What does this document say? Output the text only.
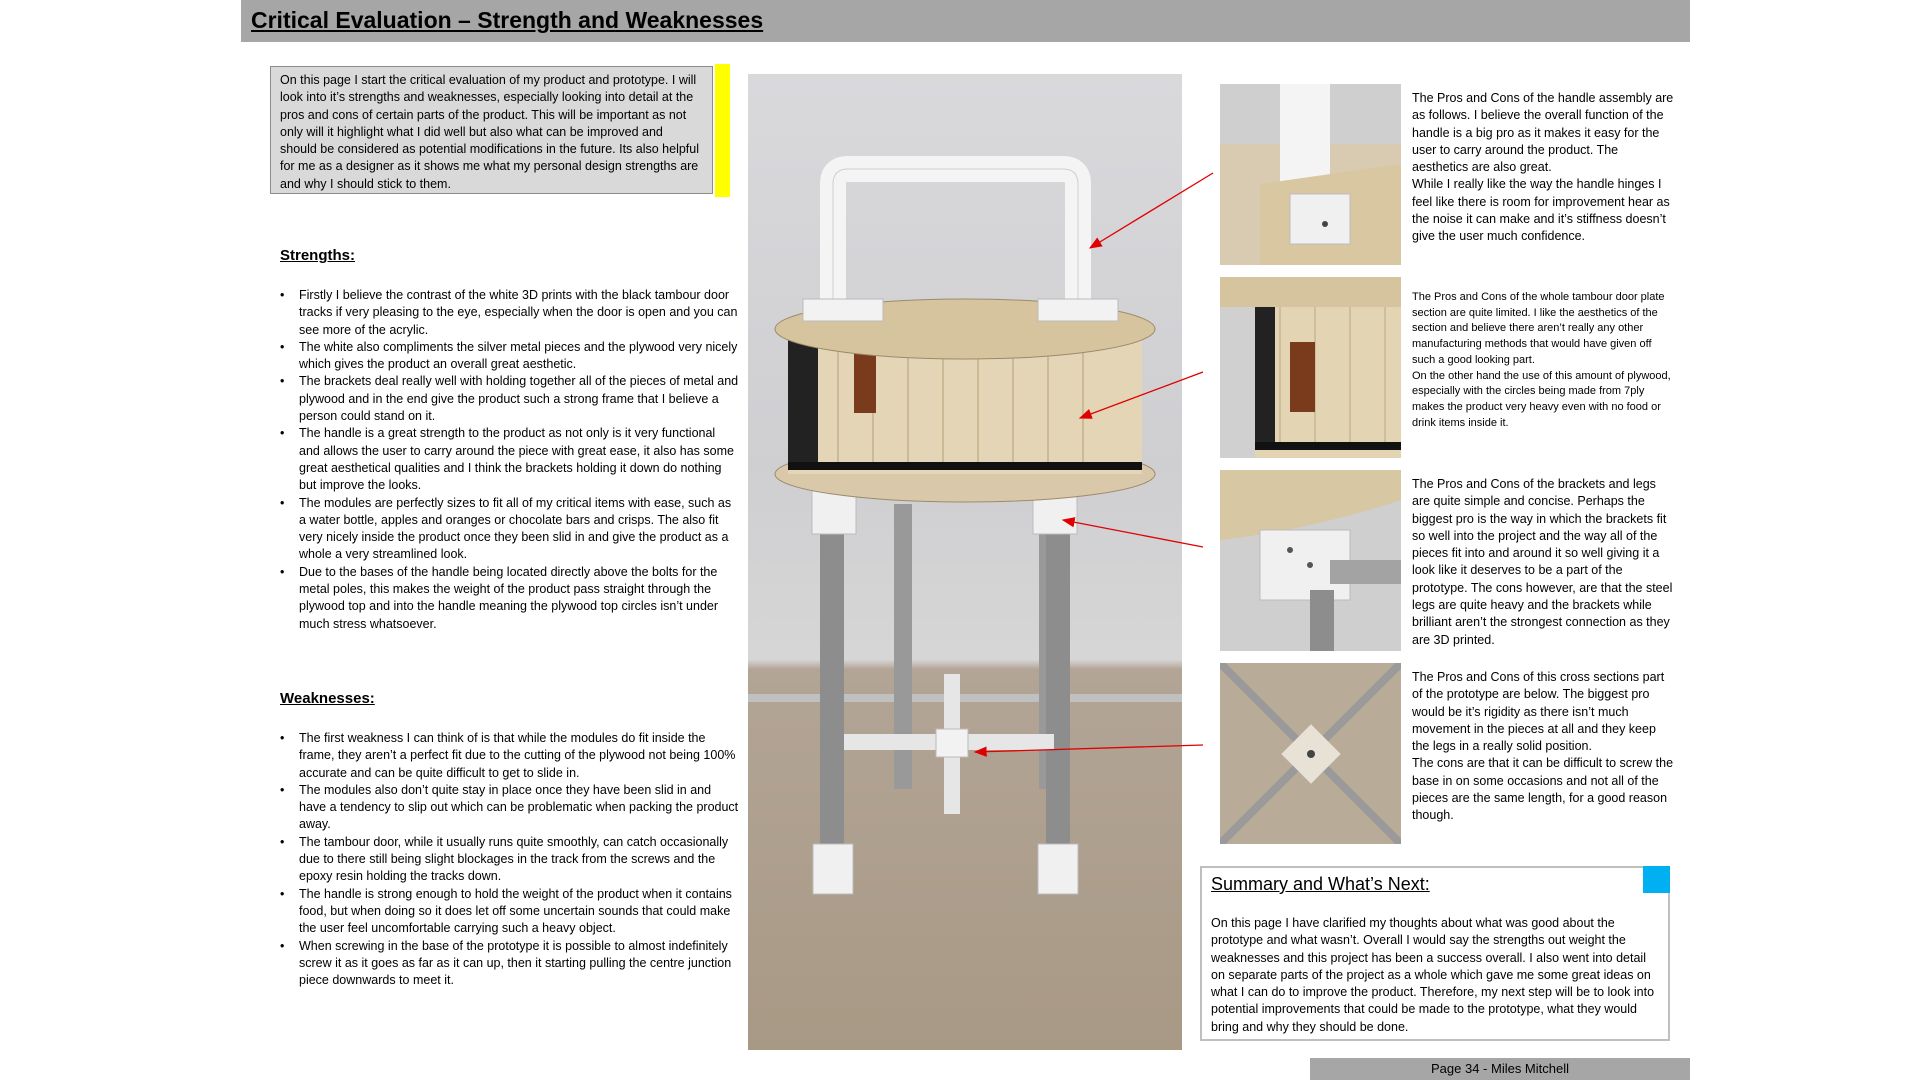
Critical Evaluation – Strength and Weaknesses
On this page I start the critical evaluation of my product and prototype. I will look into it’s strengths and weaknesses, especially looking into detail at the pros and cons of certain parts of the product. This will be important as not only will it highlight what I did well but also what can be improved and should be considered as potential modifications in the future. Its also helpful for me as a designer as it shows me what my personal design strengths are and why I should stick to them.
Strengths:
• Firstly I believe the contrast of the white 3D prints with the black tambour door tracks if very pleasing to the eye, especially when the door is open and you can see more of the acrylic.
• The white also compliments the silver metal pieces and the plywood very nicely which gives the product an overall great aesthetic.
• The brackets deal really well with holding together all of the pieces of metal and plywood and in the end give the product such a strong frame that I believe a person could stand on it.
• The handle is a great strength to the product as not only is it very functional and allows the user to carry around the piece with great ease, it also has some great aesthetical qualities and I think the brackets holding it down do nothing but improve the looks.
• The modules are perfectly sizes to fit all of my critical items with ease, such as a water bottle, apples and oranges or chocolate bars and crisps. The also fit very nicely inside the product once they been slid in and give the product as a whole a very streamlined look.
• Due to the bases of the handle being located directly above the bolts for the metal poles, this makes the weight of the product pass straight through the plywood top and into the handle meaning the plywood top circles isn’t under much stress whatsoever.
Weaknesses:
• The first weakness I can think of is that while the modules do fit inside the frame, they aren’t a perfect fit due to the cutting of the plywood not being 100% accurate and can be quite difficult to get to slide in.
• The modules also don’t quite stay in place once they have been slid in and have a tendency to slip out which can be problematic when packing the product away.
• The tambour door, while it usually runs quite smoothly, can catch occasionally due to there still being slight blockages in the track from the screws and the epoxy resin holding the tracks down.
• The handle is strong enough to hold the weight of the product when it contains food, but when doing so it does let off some uncertain sounds that could make the user feel uncomfortable carrying such a heavy object.
• When screwing in the base of the prototype it is possible to almost indefinitely screw it as it goes as far as it can up, then it starting pulling the centre junction piece downwards to meet it.
The Pros and Cons of the handle assembly are as follows. I believe the overall function of the handle is a big pro as it makes it easy for the user to carry around the product. The aesthetics are also great.
While I really like the way the handle hinges I feel like there is room for improvement hear as the noise it can make and it’s stiffness doesn’t give the user much confidence.
The Pros and Cons of the whole tambour door plate section are quite limited. I like the aesthetics of the section and believe there aren’t really any other manufacturing methods that would have given off such a good looking part.
On the other hand the use of this amount of plywood, especially with the circles being made from 7ply makes the product very heavy even with no food or drink items inside it.
The Pros and Cons of the brackets and legs are quite simple and concise. Perhaps the biggest pro is the way in which the brackets fit so well into the project and the way all of the pieces fit into and around it so well giving it a look like it deserves to be a part of the prototype. The cons however, are that the steel legs are quite heavy and the brackets while brilliant aren’t the strongest connection as they are 3D printed.
The Pros and Cons of this cross sections part of the prototype are below. The biggest pro would be it’s rigidity as there isn’t much movement in the pieces at all and they keep the legs in a really solid position.
The cons are that it can be difficult to screw the base in on some occasions and not all of the pieces are the same length, for a good reason though.
Summary and What’s Next:
On this page I have clarified my thoughts about what was good about the prototype and what wasn’t. Overall I would say the strengths out weight the weaknesses and this project has been a success overall. I also went into detail on separate parts of the project as a whole which gave me some great ideas on what I can do to improve the product. Therefore, my next step will be to look into potential improvements that could be made to the prototype, what they would bring and why they should be done.
Page 34 - Miles Mitchell
